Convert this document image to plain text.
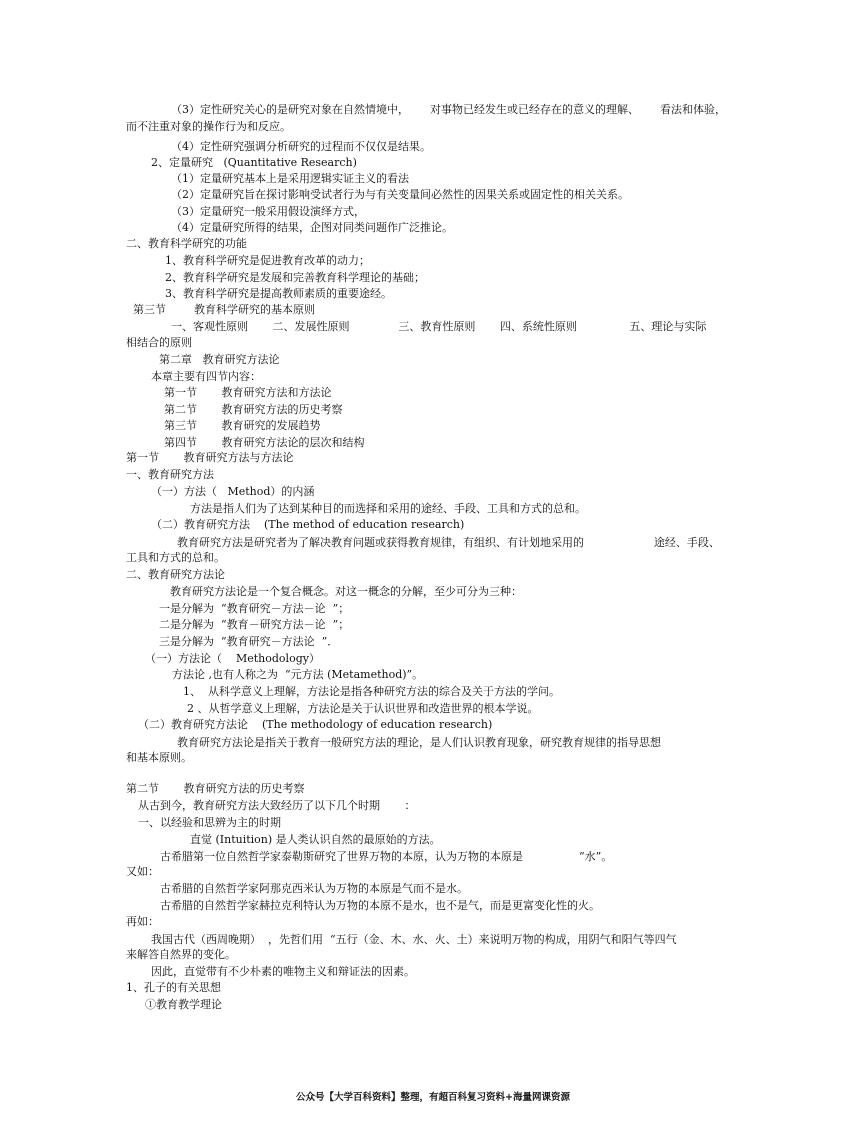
（3）定性研究关心的是研究对象在自然情境中，      对事物已经发生或已经存在的意义的理解、      看法和体验，
而不注重对象的操作行为和反应。
（4）定性研究强调分析研究的过程而不仅仅是结果。
2、定量研究   (Quantitative Research)
（1）定量研究基本上是采用逻辑实证主义的看法
（2）定量研究旨在探讨影响受试者行为与有关变量间必然性的因果关系或固定性的相关关系。
（3）定量研究一般采用假设演绎方式，
（4）定量研究所得的结果，企图对同类问题作广泛推论。
二、教育科学研究的功能
1、教育科学研究是促进教育改革的动力；
2、教育科学研究是发展和完善教育科学理论的基础；
3、教育科学研究是提高教师素质的重要途经。
第三节        教育科学研究的基本原则
一、客观性原则       二、发展性原则              三、教育性原则       四、系统性原则               五、理论与实际
相结合的原则
第二章   教育研究方法论
本章主要有四节内容：
第一节       教育研究方法和方法论
第二节       教育研究方法的历史考察
第三节       教育研究的发展趋势
第四节       教育研究方法论的层次和结构
第一节       教育研究方法与方法论
一、教育研究方法
（一）方法（   Method）的内涵
方法是指人们为了达到某种目的而选择和采用的途经、手段、工具和方式的总和。
（二）教育研究方法    (The method of education research)
教育研究方法是研究者为了解决教育问题或获得教育规律，有组织、有计划地采用的                    途经、手段、
工具和方式的总和。
二、教育研究方法论
教育研究方法论是一个复合概念。对这一概念的分解，至少可分为三种：
一是分解为  “教育研究－方法－论  ”；
二是分解为  “教育－研究方法－论  ”；
三是分解为  “教育研究－方法论  ”．
（一）方法论（    Methodology）
方法论 ,也有人称之为  “元方法 (Metamethod)”。
1、  从科学意义上理解，方法论是指各种研究方法的综合及关于方法的学问。
2 、从哲学意义上理解，方法论是关于认识世界和改造世界的根本学说。
（二）教育研究方法论    (The methodology of education research)
教育研究方法论是指关于教育一般研究方法的理论，是人们认识教育现象，研究教育规律的指导思想
和基本原则。
第二节       教育研究方法的历史考察
从古到今，教育研究方法大致经历了以下几个时期       ：
一、以经验和思辨为主的时期
直觉 (Intuition) 是人类认识自然的最原始的方法。
古希腊第一位自然哲学家泰勒斯研究了世界万物的本原，认为万物的本原是                “水”。
又如：
古希腊的自然哲学家阿那克西米认为万物的本原是气而不是水。
古希腊的自然哲学家赫拉克利特认为万物的本原不是水，也不是气，而是更富变化性的火。
再如：
我国古代（西周晚期）  ，先哲们用  “五行（金、木、水、火、土）来说明万物的构成，用阴气和阳气等四气
来解答自然界的变化。
因此，直觉带有不少朴素的唯物主义和辩证法的因素。
1、孔子的有关思想
①教育教学理论
公众号【大学百科资料】整理，有超百科复习资料+海量网课资源
